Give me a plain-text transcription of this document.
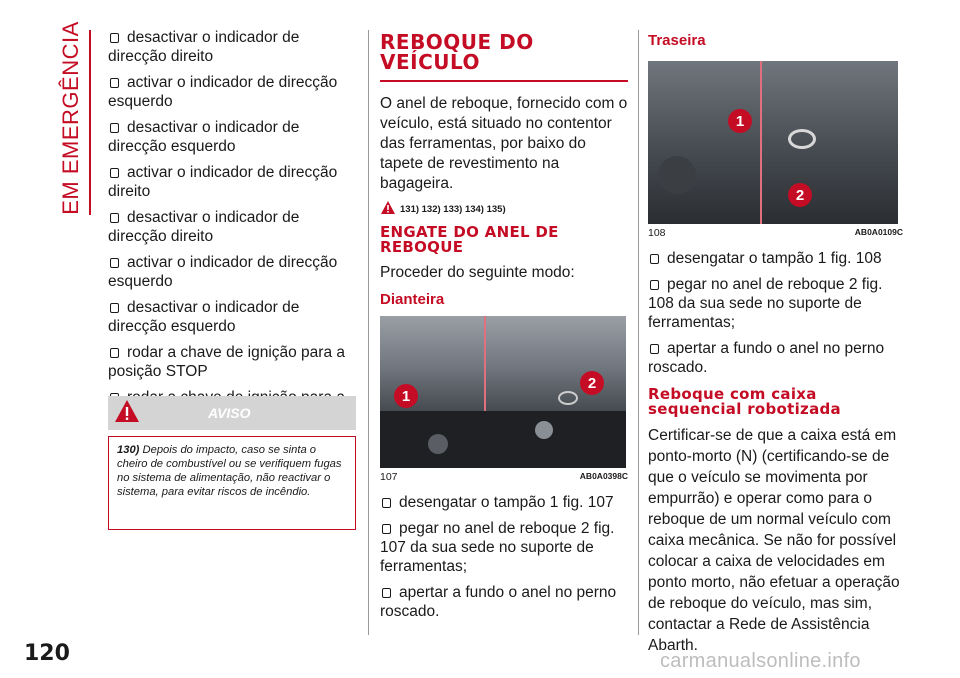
EM EMERGÊNCIA
120
desactivar o indicador de direcção direito
activar o indicador de direcção esquerdo
desactivar o indicador de direcção esquerdo
activar o indicador de direcção direito
desactivar o indicador de direcção direito
activar o indicador de direcção esquerdo
desactivar o indicador de direcção esquerdo
rodar a chave de ignição para a posição STOP
AVISO
130) Depois do impacto, caso se sinta o cheiro de combustível ou se verifiquem fugas no sistema de alimentação, não reactivar o sistema, para evitar riscos de incêndio.
REBOQUE DO VEÍCULO

O anel de reboque, fornecido com o veículo, está situado no contentor das ferramentas, por baixo do tapete de revestimento na bagageira.

131) 132) 133) 134) 135)
ENGATE DO ANEL DE REBOQUE

Proceder do seguinte modo:

Dianteira
1
2
107	AB0A0398C
desengatar o tampão 1 fig. 107
pegar no anel de reboque 2 fig. 107 da sua sede no suporte de ferramentas;
apertar a fundo o anel no perno roscado.
Traseira
1
2
108	AB0A0109C
desengatar o tampão 1 fig. 108
pegar no anel de reboque 2 fig. 108 da sua sede no suporte de ferramentas;
apertar a fundo o anel no perno roscado.
Reboque com caixa sequencial robotizada

Certificar-se de que a caixa está em ponto-morto (N) (certificando-se de que o veículo se movimenta por empurrão) e operar como para o reboque de um normal veículo com caixa mecânica. Se não for possível colocar a caixa de velocidades em ponto morto, não efetuar a operação de reboque do veículo, mas sim, contactar a Rede de Assistência Abarth.

carmanualsonline.info
